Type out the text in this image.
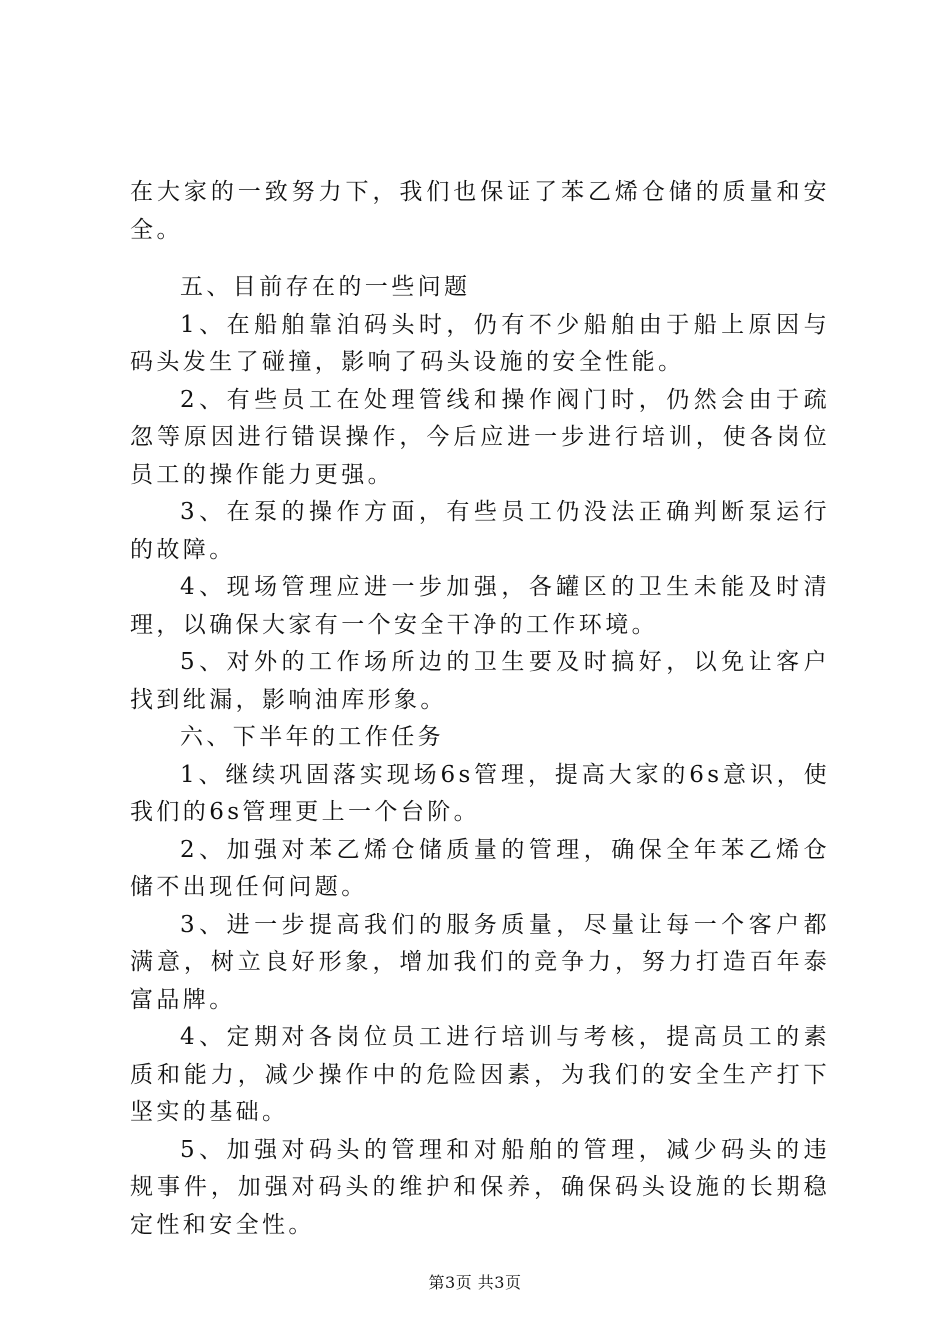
在大家的一致努力下，我们也保证了苯乙烯仓储的质量和安全。

五、目前存在的一些问题

1、在船舶靠泊码头时，仍有不少船舶由于船上原因与码头发生了碰撞，影响了码头设施的安全性能。

2、有些员工在处理管线和操作阀门时，仍然会由于疏忽等原因进行错误操作，今后应进一步进行培训，使各岗位员工的操作能力更强。

3、在泵的操作方面，有些员工仍没法正确判断泵运行的故障。

4、现场管理应进一步加强，各罐区的卫生未能及时清理，以确保大家有一个安全干净的工作环境。

5、对外的工作场所边的卫生要及时搞好，以免让客户找到纰漏，影响油库形象。

六、下半年的工作任务

1、继续巩固落实现场6s管理，提高大家的6s意识，使我们的6s管理更上一个台阶。

2、加强对苯乙烯仓储质量的管理，确保全年苯乙烯仓储不出现任何问题。

3、进一步提高我们的服务质量，尽量让每一个客户都满意，树立良好形象，增加我们的竞争力，努力打造百年泰富品牌。

4、定期对各岗位员工进行培训与考核，提高员工的素质和能力，减少操作中的危险因素，为我们的安全生产打下坚实的基础。

5、加强对码头的管理和对船舶的管理，减少码头的违规事件，加强对码头的维护和保养，确保码头设施的长期稳定性和安全性。

第3页 共3页
